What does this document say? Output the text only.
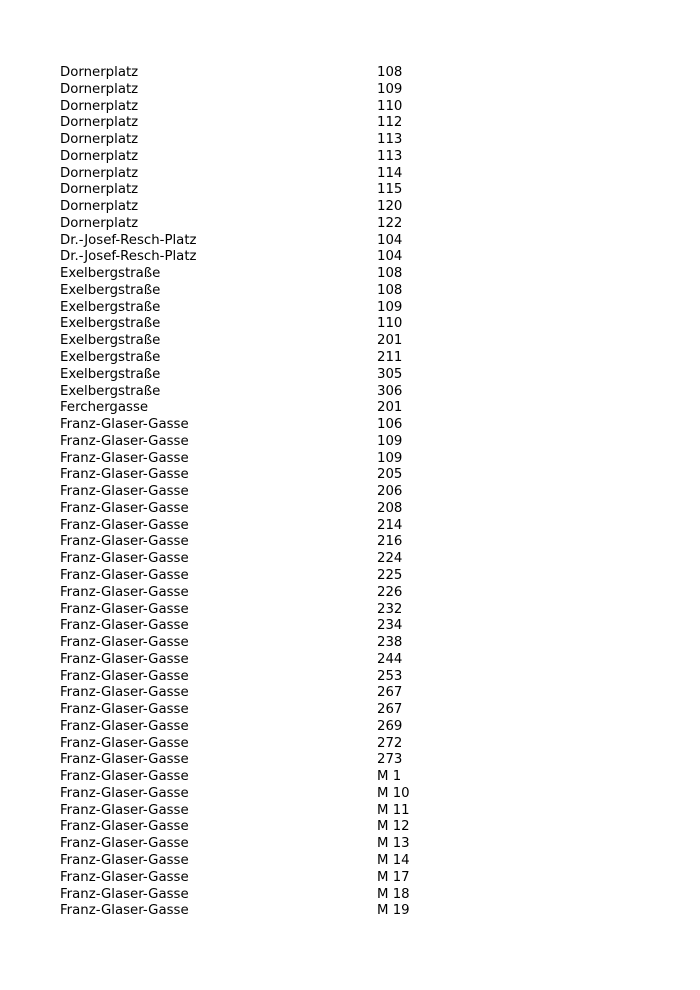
Dornerplatz	108
Dornerplatz	109
Dornerplatz	110
Dornerplatz	112
Dornerplatz	113
Dornerplatz	113
Dornerplatz	114
Dornerplatz	115
Dornerplatz	120
Dornerplatz	122
Dr.-Josef-Resch-Platz	104
Dr.-Josef-Resch-Platz	104
Exelbergstraße	108
Exelbergstraße	108
Exelbergstraße	109
Exelbergstraße	110
Exelbergstraße	201
Exelbergstraße	211
Exelbergstraße	305
Exelbergstraße	306
Ferchergasse	201
Franz-Glaser-Gasse	106
Franz-Glaser-Gasse	109
Franz-Glaser-Gasse	109
Franz-Glaser-Gasse	205
Franz-Glaser-Gasse	206
Franz-Glaser-Gasse	208
Franz-Glaser-Gasse	214
Franz-Glaser-Gasse	216
Franz-Glaser-Gasse	224
Franz-Glaser-Gasse	225
Franz-Glaser-Gasse	226
Franz-Glaser-Gasse	232
Franz-Glaser-Gasse	234
Franz-Glaser-Gasse	238
Franz-Glaser-Gasse	244
Franz-Glaser-Gasse	253
Franz-Glaser-Gasse	267
Franz-Glaser-Gasse	267
Franz-Glaser-Gasse	269
Franz-Glaser-Gasse	272
Franz-Glaser-Gasse	273
Franz-Glaser-Gasse	M 1
Franz-Glaser-Gasse	M 10
Franz-Glaser-Gasse	M 11
Franz-Glaser-Gasse	M 12
Franz-Glaser-Gasse	M 13
Franz-Glaser-Gasse	M 14
Franz-Glaser-Gasse	M 17
Franz-Glaser-Gasse	M 18
Franz-Glaser-Gasse	M 19
